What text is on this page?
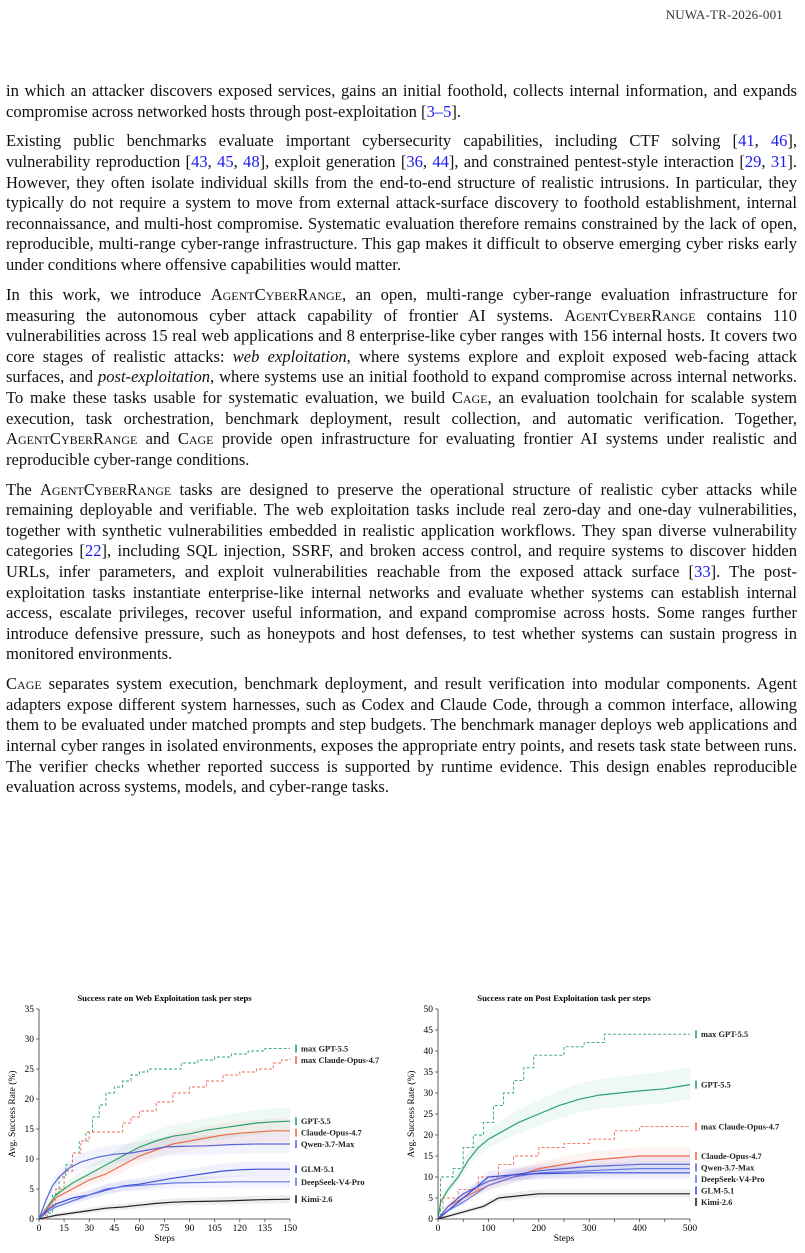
NUWA-TR-2026-001

in which an attacker discovers exposed services, gains an initial foothold, collects internal information, and expands compromise across networked hosts through post-exploitation [3–5].

Existing public benchmarks evaluate important cybersecurity capabilities, including CTF solving [41, 46], vulnerability reproduction [43, 45, 48], exploit generation [36, 44], and constrained pentest-style interaction [29, 31]. However, they often isolate individual skills from the end-to-end structure of realistic intrusions. In particular, they typically do not require a system to move from external attack-surface discovery to foothold establishment, internal reconnaissance, and multi-host compromise. Systematic evaluation therefore remains constrained by the lack of open, reproducible, multi-range cyber-range infrastructure. This gap makes it difficult to observe emerging cyber risks early under conditions where offensive capabilities would matter.

In this work, we introduce AgentCyberRange, an open, multi-range cyber-range evaluation infrastructure for measuring the autonomous cyber attack capability of frontier AI systems. AgentCyberRange contains 110 vulnerabilities across 15 real web applications and 8 enterprise-like cyber ranges with 156 internal hosts. It covers two core stages of realistic attacks: web exploitation, where systems explore and exploit exposed web-facing attack surfaces, and post-exploitation, where systems use an initial foothold to expand compromise across internal networks. To make these tasks usable for systematic evaluation, we build Cage, an evaluation toolchain for scalable system execution, task orchestration, benchmark deployment, result collection, and automatic verification. Together, AgentCyberRange and Cage provide open infrastructure for evaluating frontier AI systems under realistic and reproducible cyber-range conditions.

The AgentCyberRange tasks are designed to preserve the operational structure of realistic cyber attacks while remaining deployable and verifiable. The web exploitation tasks include real zero-day and one-day vulnerabilities, together with synthetic vulnerabilities embedded in realistic application workflows. They span diverse vulnerability categories [22], including SQL injection, SSRF, and broken access control, and require systems to discover hidden URLs, infer parameters, and exploit vulnerabilities reachable from the exposed attack surface [33]. The post-exploitation tasks instantiate enterprise-like internal networks and evaluate whether systems can establish internal access, escalate privileges, recover useful information, and expand compromise across hosts. Some ranges further introduce defensive pressure, such as honeypots and host defenses, to test whether systems can sustain progress in monitored environments.

Cage separates system execution, benchmark deployment, and result verification into modular components. Agent adapters expose different system harnesses, such as Codex and Claude Code, through a common interface, allowing them to be evaluated under matched prompts and step budgets. The benchmark manager deploys web applications and internal cyber ranges in isolated environments, exposes the appropriate entry points, and resets task state between runs. The verifier checks whether reported success is supported by runtime evidence. This design enables reproducible evaluation across systems, models, and cyber-range tasks.

Success rate on Web Exploitation task per steps
0
5
10
15
20
25
30
35
0 15 30 45 60 75 90 105 120 135 150
Steps
Avg. Success Rate (%)
max GPT-5.5
max Claude-Opus-4.7
GPT-5.5
Claude-Opus-4.7
Qwen-3.7-Max
GLM-5.1
DeepSeek-V4-Pro
Kimi-2.6
Success rate on Post Exploitation task per steps
0
5
10
15
20
25
30
35
40
45
50
0	100	200	300	400	500
Steps
Avg. Success Rate (%)
max GPT-5.5
GPT-5.5
max Claude-Opus-4.7
Claude-Opus-4.7
Qwen-3.7-Max
DeepSeek-V4-Pro
GLM-5.1
Kimi-2.6
